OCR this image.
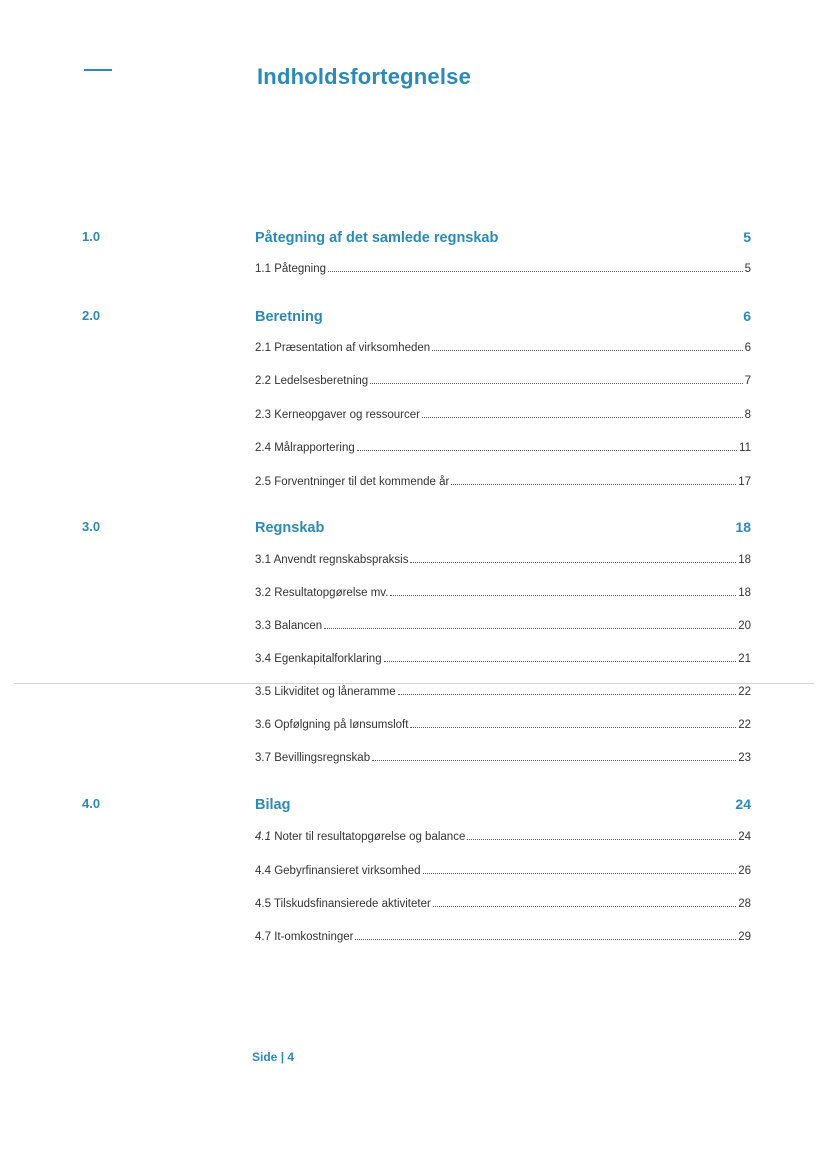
Indholdsfortegnelse
1.0	Påtegning af det samlede regnskab	5
1.1 Påtegning	5
2.0	Beretning	6
2.1 Præsentation af virksomheden	6
2.2 Ledelsesberetning	7
2.3 Kerneopgaver og ressourcer	8
2.4 Målrapportering	11
2.5 Forventninger til det kommende år	17
3.0	Regnskab	18
3.1 Anvendt regnskabspraksis	18
3.2 Resultatopgørelse mv.	18
3.3 Balancen	20
3.4 Egenkapitalforklaring	21
3.5 Likviditet og låneramme	22
3.6 Opfølgning på lønsumsloft	22
3.7 Bevillingsregnskab	23
4.0	Bilag	24
4.1 Noter til resultatopgørelse og balance	24
4.4 Gebyrfinansieret virksomhed	26
4.5 Tilskudsfinansierede aktiviteter	28
4.7 It-omkostninger	29
Side | 4
